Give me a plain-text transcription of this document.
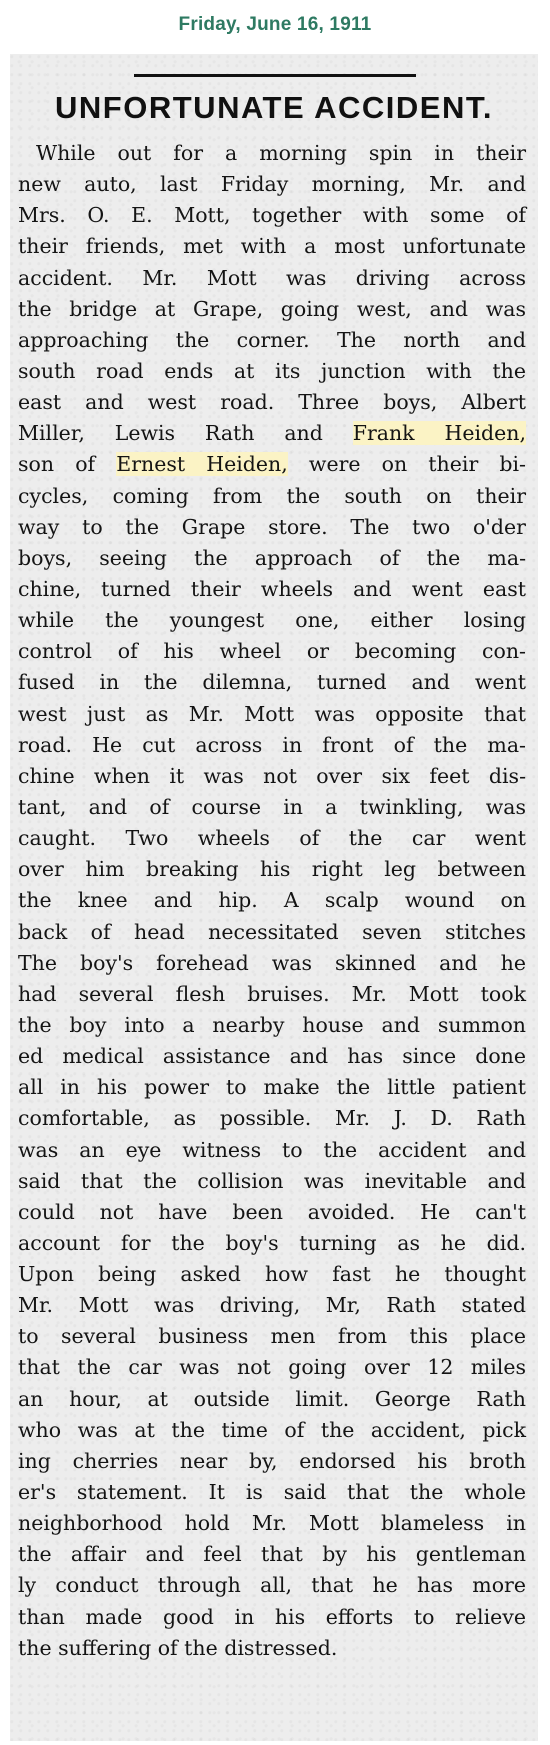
Friday, June 16, 1911
UNFORTUNATE ACCIDENT.
While out for a morning spin in their
new auto, last Friday morning, Mr. and
Mrs. O. E. Mott, together with some of
their friends, met with a most unfortunate
accident. Mr. Mott was driving across
the bridge at Grape, going west, and was
approaching the corner. The north and
south road ends at its junction with the
east and west road. Three boys, Albert
Miller, Lewis Rath and Frank Heiden,
son of Ernest Heiden, were on their bi-
cycles, coming from the south on their
way to the Grape store. The two o'der
boys, seeing the approach of the ma-
chine, turned their wheels and went east
while the youngest one, either losing
control of his wheel or becoming con-
fused in the dilemna, turned and went
west just as Mr. Mott was opposite that
road. He cut across in front of the ma-
chine when it was not over six feet dis-
tant, and of course in a twinkling, was
caught. Two wheels of the car went
over him breaking his right leg between
the knee and hip. A scalp wound on
back of head necessitated seven stitches
The boy's forehead was skinned and he
had several flesh bruises. Mr. Mott took
the boy into a nearby house and summon
ed medical assistance and has since done
all in his power to make the little patient
comfortable, as possible. Mr. J. D. Rath
was an eye witness to the accident and
said that the collision was inevitable and
could not have been avoided. He can't
account for the boy's turning as he did.
Upon being asked how fast he thought
Mr. Mott was driving, Mr, Rath stated
to several business men from this place
that the car was not going over 12 miles
an hour, at outside limit. George Rath
who was at the time of the accident, pick
ing cherries near by, endorsed his broth
er's statement. It is said that the whole
neighborhood hold Mr. Mott blameless in
the affair and feel that by his gentleman
ly conduct through all, that he has more
than made good in his efforts to relieve
the suffering of the distressed.
